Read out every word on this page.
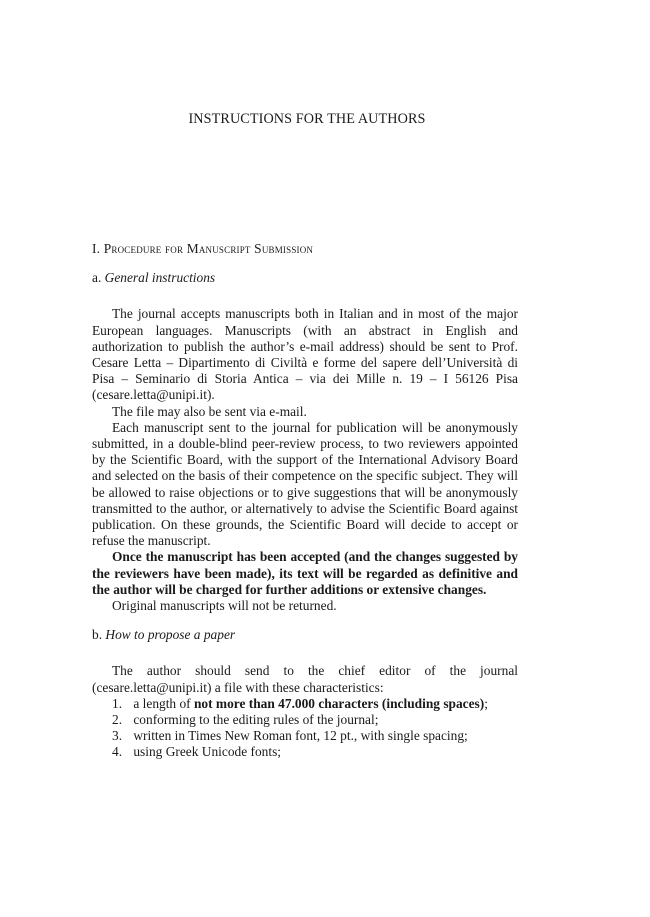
INSTRUCTIONS FOR THE AUTHORS
I. Procedure for Manuscript Submission
a. General instructions

The journal accepts manuscripts both in Italian and in most of the major European languages. Manuscripts (with an abstract in English and authorization to publish the author’s e-mail address) should be sent to Prof. Cesare Letta – Dipartimento di Civiltà e forme del sapere dell’Università di Pisa – Seminario di Storia Antica – via dei Mille n. 19 – I 56126 Pisa (cesare.letta@unipi.it).

The file may also be sent via e-mail.

Each manuscript sent to the journal for publication will be anonymously submitted, in a double-blind peer-review process, to two reviewers appointed by the Scientific Board, with the support of the International Advisory Board and selected on the basis of their competence on the specific subject. They will be allowed to raise objections or to give suggestions that will be anonymously transmitted to the author, or alternatively to advise the Scientific Board against publication. On these grounds, the Scientific Board will decide to accept or refuse the manuscript.

Once the manuscript has been accepted (and the changes suggested by the reviewers have been made), its text will be regarded as definitive and the author will be charged for further additions or extensive changes.

Original manuscripts will not be returned.

b. How to propose a paper

The author should send to the chief editor of the journal (cesare.letta@unipi.it) a file with these characteristics:

1. a length of not more than 47.000 characters (including spaces);
2. conforming to the editing rules of the journal;
3. written in Times New Roman font, 12 pt., with single spacing;
4. using Greek Unicode fonts;
